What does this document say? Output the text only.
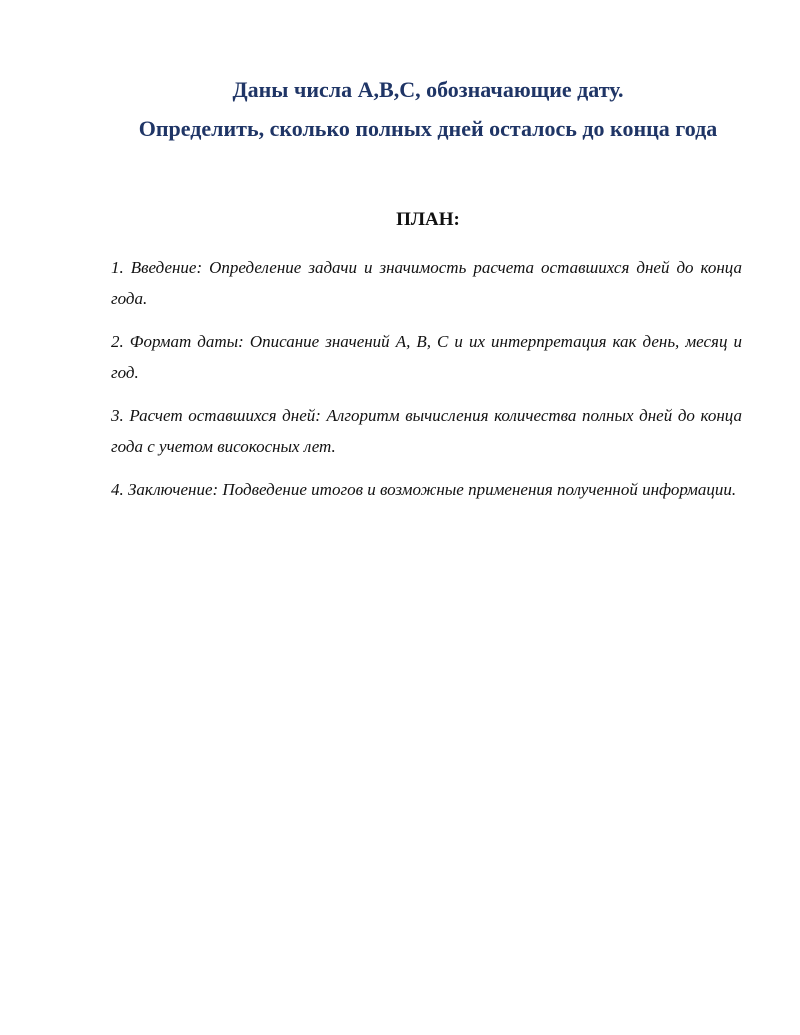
Даны числа A,B,C, обозначающие дату.
Определить, сколько полных дней осталось до конца года
ПЛАН:
1. Введение: Определение задачи и значимость расчета оставшихся дней до конца года.
2. Формат даты: Описание значений A, B, C и их интерпретация как день, месяц и год.
3. Расчет оставшихся дней: Алгоритм вычисления количества полных дней до конца года с учетом високосных лет.
4. Заключение: Подведение итогов и возможные применения полученной информации.
